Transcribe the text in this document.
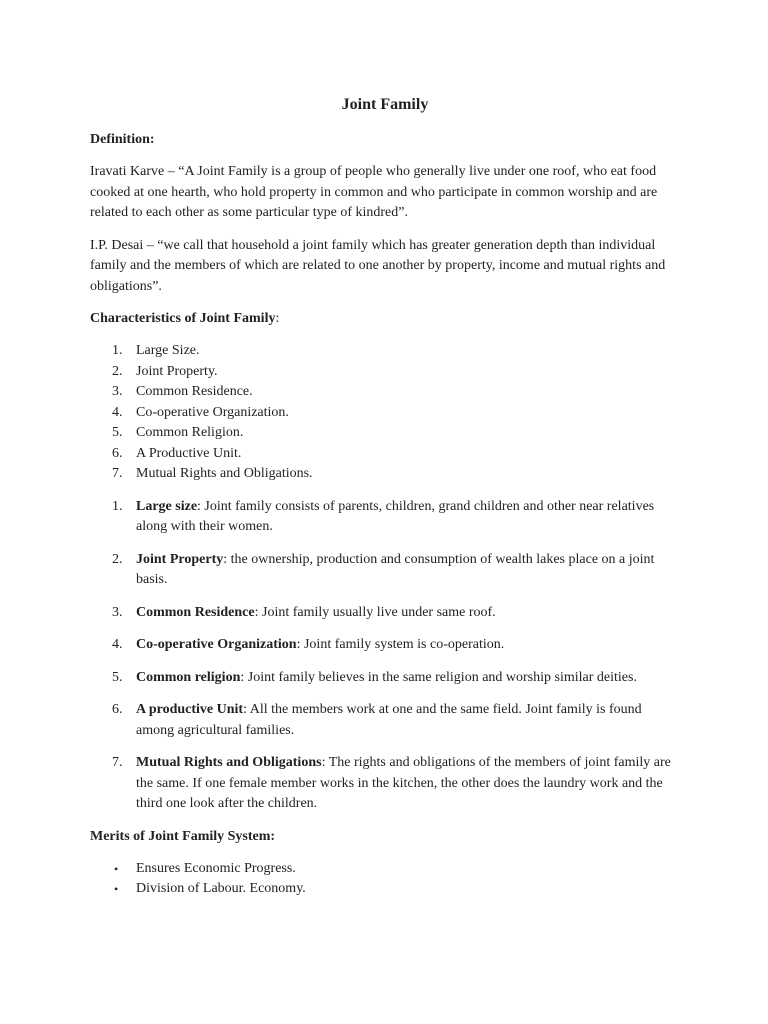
Joint Family
Definition:

Iravati Karve – “A Joint Family is a group of people who generally live under one roof, who eat food cooked at one hearth, who hold property in common and who participate in common worship and are related to each other as some particular type of kindred”.

I.P. Desai – “we call that household a joint family which has greater generation depth than individual family and the members of which are related to one another by property, income and mutual rights and obligations”.

Characteristics of Joint Family:
1. Large Size.
2. Joint Property.
3. Common Residence.
4. Co-operative Organization.
5. Common Religion.
6. A Productive Unit.
7. Mutual Rights and Obligations.
1. Large size: Joint family consists of parents, children, grand children and other near relatives along with their women.
2. Joint Property: the ownership, production and consumption of wealth lakes place on a joint basis.
3. Common Residence: Joint family usually live under same roof.
4. Co-operative Organization: Joint family system is co-operation.
5. Common religion: Joint family believes in the same religion and worship similar deities.
6. A productive Unit: All the members work at one and the same field. Joint family is found among agricultural families.
7. Mutual Rights and Obligations: The rights and obligations of the members of joint family are the same. If one female member works in the kitchen, the other does the laundry work and the third one look after the children.
Merits of Joint Family System:
• Ensures Economic Progress.
• Division of Labour. Economy.
